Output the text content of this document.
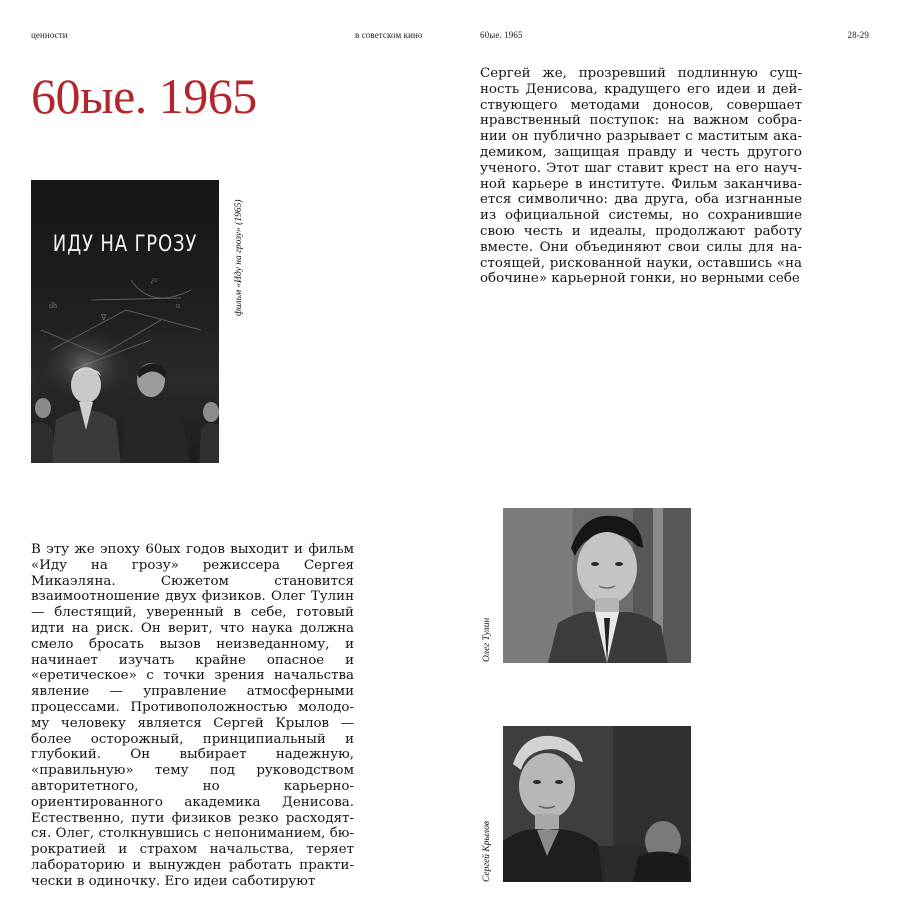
ценности	в советском кино	60ые. 1965	28-29
60ые. 1965
dh
∂²
u
∇
ИДУ НА ГРОЗУ	фильм «Иду на грозу» (1965)

В эту же эпоху 60ых годов выходит и фильм «Иду на грозу» режиссера Сергея Микаэляна. Сюжетом становится взаимоотношение двух физиков. Олег Тулин — блестящий, уверенный в себе, готовый идти на риск. Он верит, что наука должна смело бросать вызов неизведанному, и начинает изучать крайне опасное и «еретическое» с точки зрения начальства явление — управление атмосферными процессами. Противоположностью молодому человеку является Сергей Крылов — более осторожный, принципиальный и глубокий. Он выбирает надежную, «правильную» тему под руководством авторитетного, но карьерно-ориентированного академика Денисова. Естественно, пути физиков резко расходятся. Олег, столкнувшись с непониманием, бюрократией и страхом начальства, теряет лабораторию и вынужден работать практически в одиночку. Его идеи саботируют

Сергей же, прозревший подлинную сущность Денисова, крадущего его идеи и действующего методами доносов, совершает нравственный поступок: на важном собрании он публично разрывает с маститым академиком, защищая правду и честь другого ученого. Этот шаг ставит крест на его научной карьере в институте. Фильм заканчивается символично: два друга, оба изгнанные из официальной системы, но сохранившие свою честь и идеалы, продолжают работу вместе. Они объединяют свои силы для настоящей, рискованной науки, оставшись «на обочине» карьерной гонки, но верными себе

Олег Тулин
Сергей Крылов
